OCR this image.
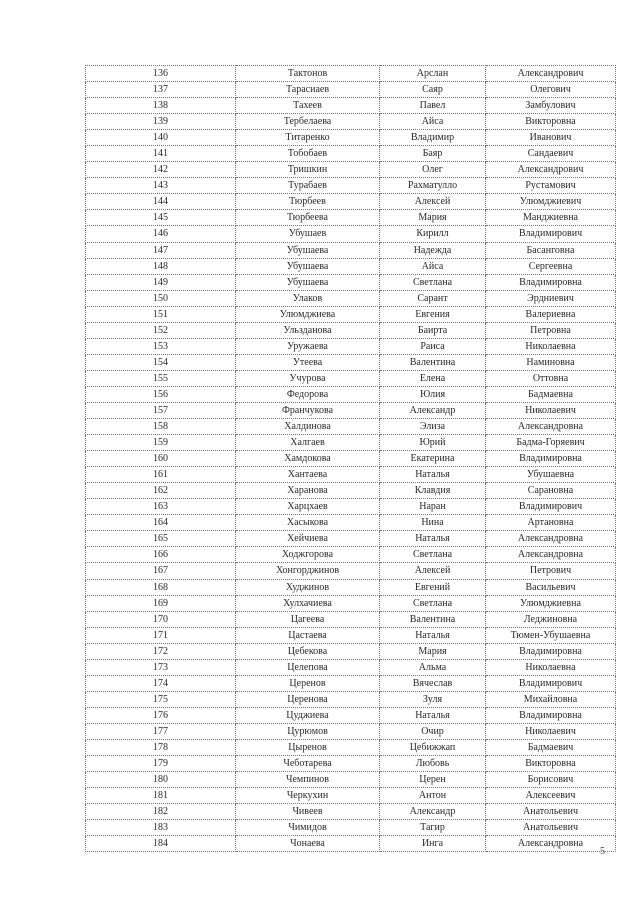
136	Тактонов	Арслан	Александрович
137	Тарасиаев	Саяр	Олегович
138	Тахеев	Павел	Замбулович
139	Тербелаева	Айса	Викторовна
140	Титаренко	Владимир	Иванович
141	Тобобаев	Баяр	Сандаевич
142	Тришкин	Олег	Александрович
143	Турабаев	Рахматулло	Рустамович
144	Тюрбеев	Алексей	Улюмджиевич
145	Тюрбеева	Мария	Манджиевна
146	Убушаев	Кирилл	Владимирович
147	Убушаева	Надежда	Басанговна
148	Убушаева	Айса	Сергеевна
149	Убушаева	Светлана	Владимировна
150	Улаков	Сарант	Эрдниевич
151	Улюмджиева	Евгения	Валериевна
152	Ульзданова	Баирта	Петровна
153	Уружаева	Раиса	Николаевна
154	Утеева	Валентина	Наминовна
155	Учурова	Елена	Оттовна
156	Федорова	Юлия	Бадмаевна
157	Франчукова	Александр	Николаевич
158	Халдинова	Элиза	Александровна
159	Халгаев	Юрий	Бадма-Горяевич
160	Хамдокова	Екатерина	Владимировна
161	Хантаева	Наталья	Убушаевна
162	Харанова	Клавдия	Сарановна
163	Харцхаев	Наран	Владимирович
164	Хасыкова	Нина	Артановна
165	Хейчиева	Наталья	Александровна
166	Ходжгорова	Светлана	Александровна
167	Хонгорджинов	Алексей	Петрович
168	Худжинов	Евгений	Васильевич
169	Хулхачиева	Светлана	Улюмджиевна
170	Цагеева	Валентина	Леджиновна
171	Цастаева	Наталья	Тюмен-Убушаевна
172	Цебекова	Мария	Владимировна
173	Целепова	Альма	Николаевна
174	Церенов	Вячеслав	Владимирович
175	Церенова	Зуля	Михайловна
176	Цуджиева	Наталья	Владимировна
177	Цурюмов	Очир	Николаевич
178	Цыренов	Цебижжап	Бадмаевич
179	Чеботарева	Любовь	Викторовна
180	Чемпинов	Церен	Борисович
181	Черкухин	Антон	Алексеевич
182	Чивеев	Александр	Анатольевич
183	Чимидов	Тагир	Анатольевич
184	Чонаева	Инга	Александровна
5
